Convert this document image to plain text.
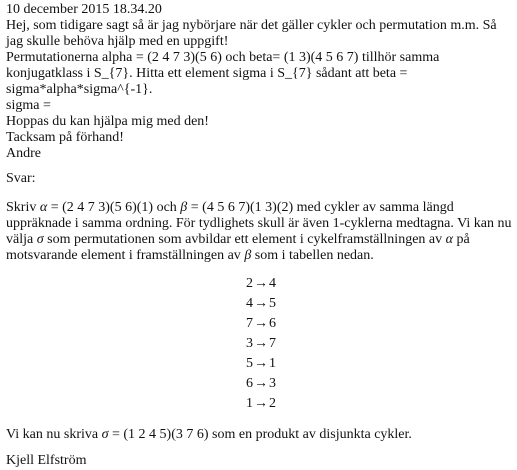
10 december 2015 18.34.20
Hej, som tidigare sagt så är jag nybörjare när det gäller cykler och permutation m.m. Så
jag skulle behöva hjälp med en uppgift!
Permutationerna alpha = (2 4 7 3)(5 6) och beta= (1 3)(4 5 6 7) tillhör samma
konjugatklass i S_{7}. Hitta ett element sigma i S_{7} sådant att beta =
sigma*alpha*sigma^{-1}.
sigma =
Hoppas du kan hjälpa mig med den!
Tacksam på förhand!
Andre
Svar:
Skriv α = (2 4 7 3)(5 6)(1) och β = (4 5 6 7)(1 3)(2) med cykler av samma längd
uppräknade i samma ordning. För tydlighets skull är även 1-cyklerna medtagna. Vi kan nu
välja σ som permutationen som avbildar ett element i cykelframställningen av α på
motsvarande element i framställningen av β som i tabellen nedan.
2→4
4→5
7→6
3→7
5→1
6→3
1→2
Vi kan nu skriva σ = (1 2 4 5)(3 7 6) som en produkt av disjunkta cykler.
Kjell Elfström
